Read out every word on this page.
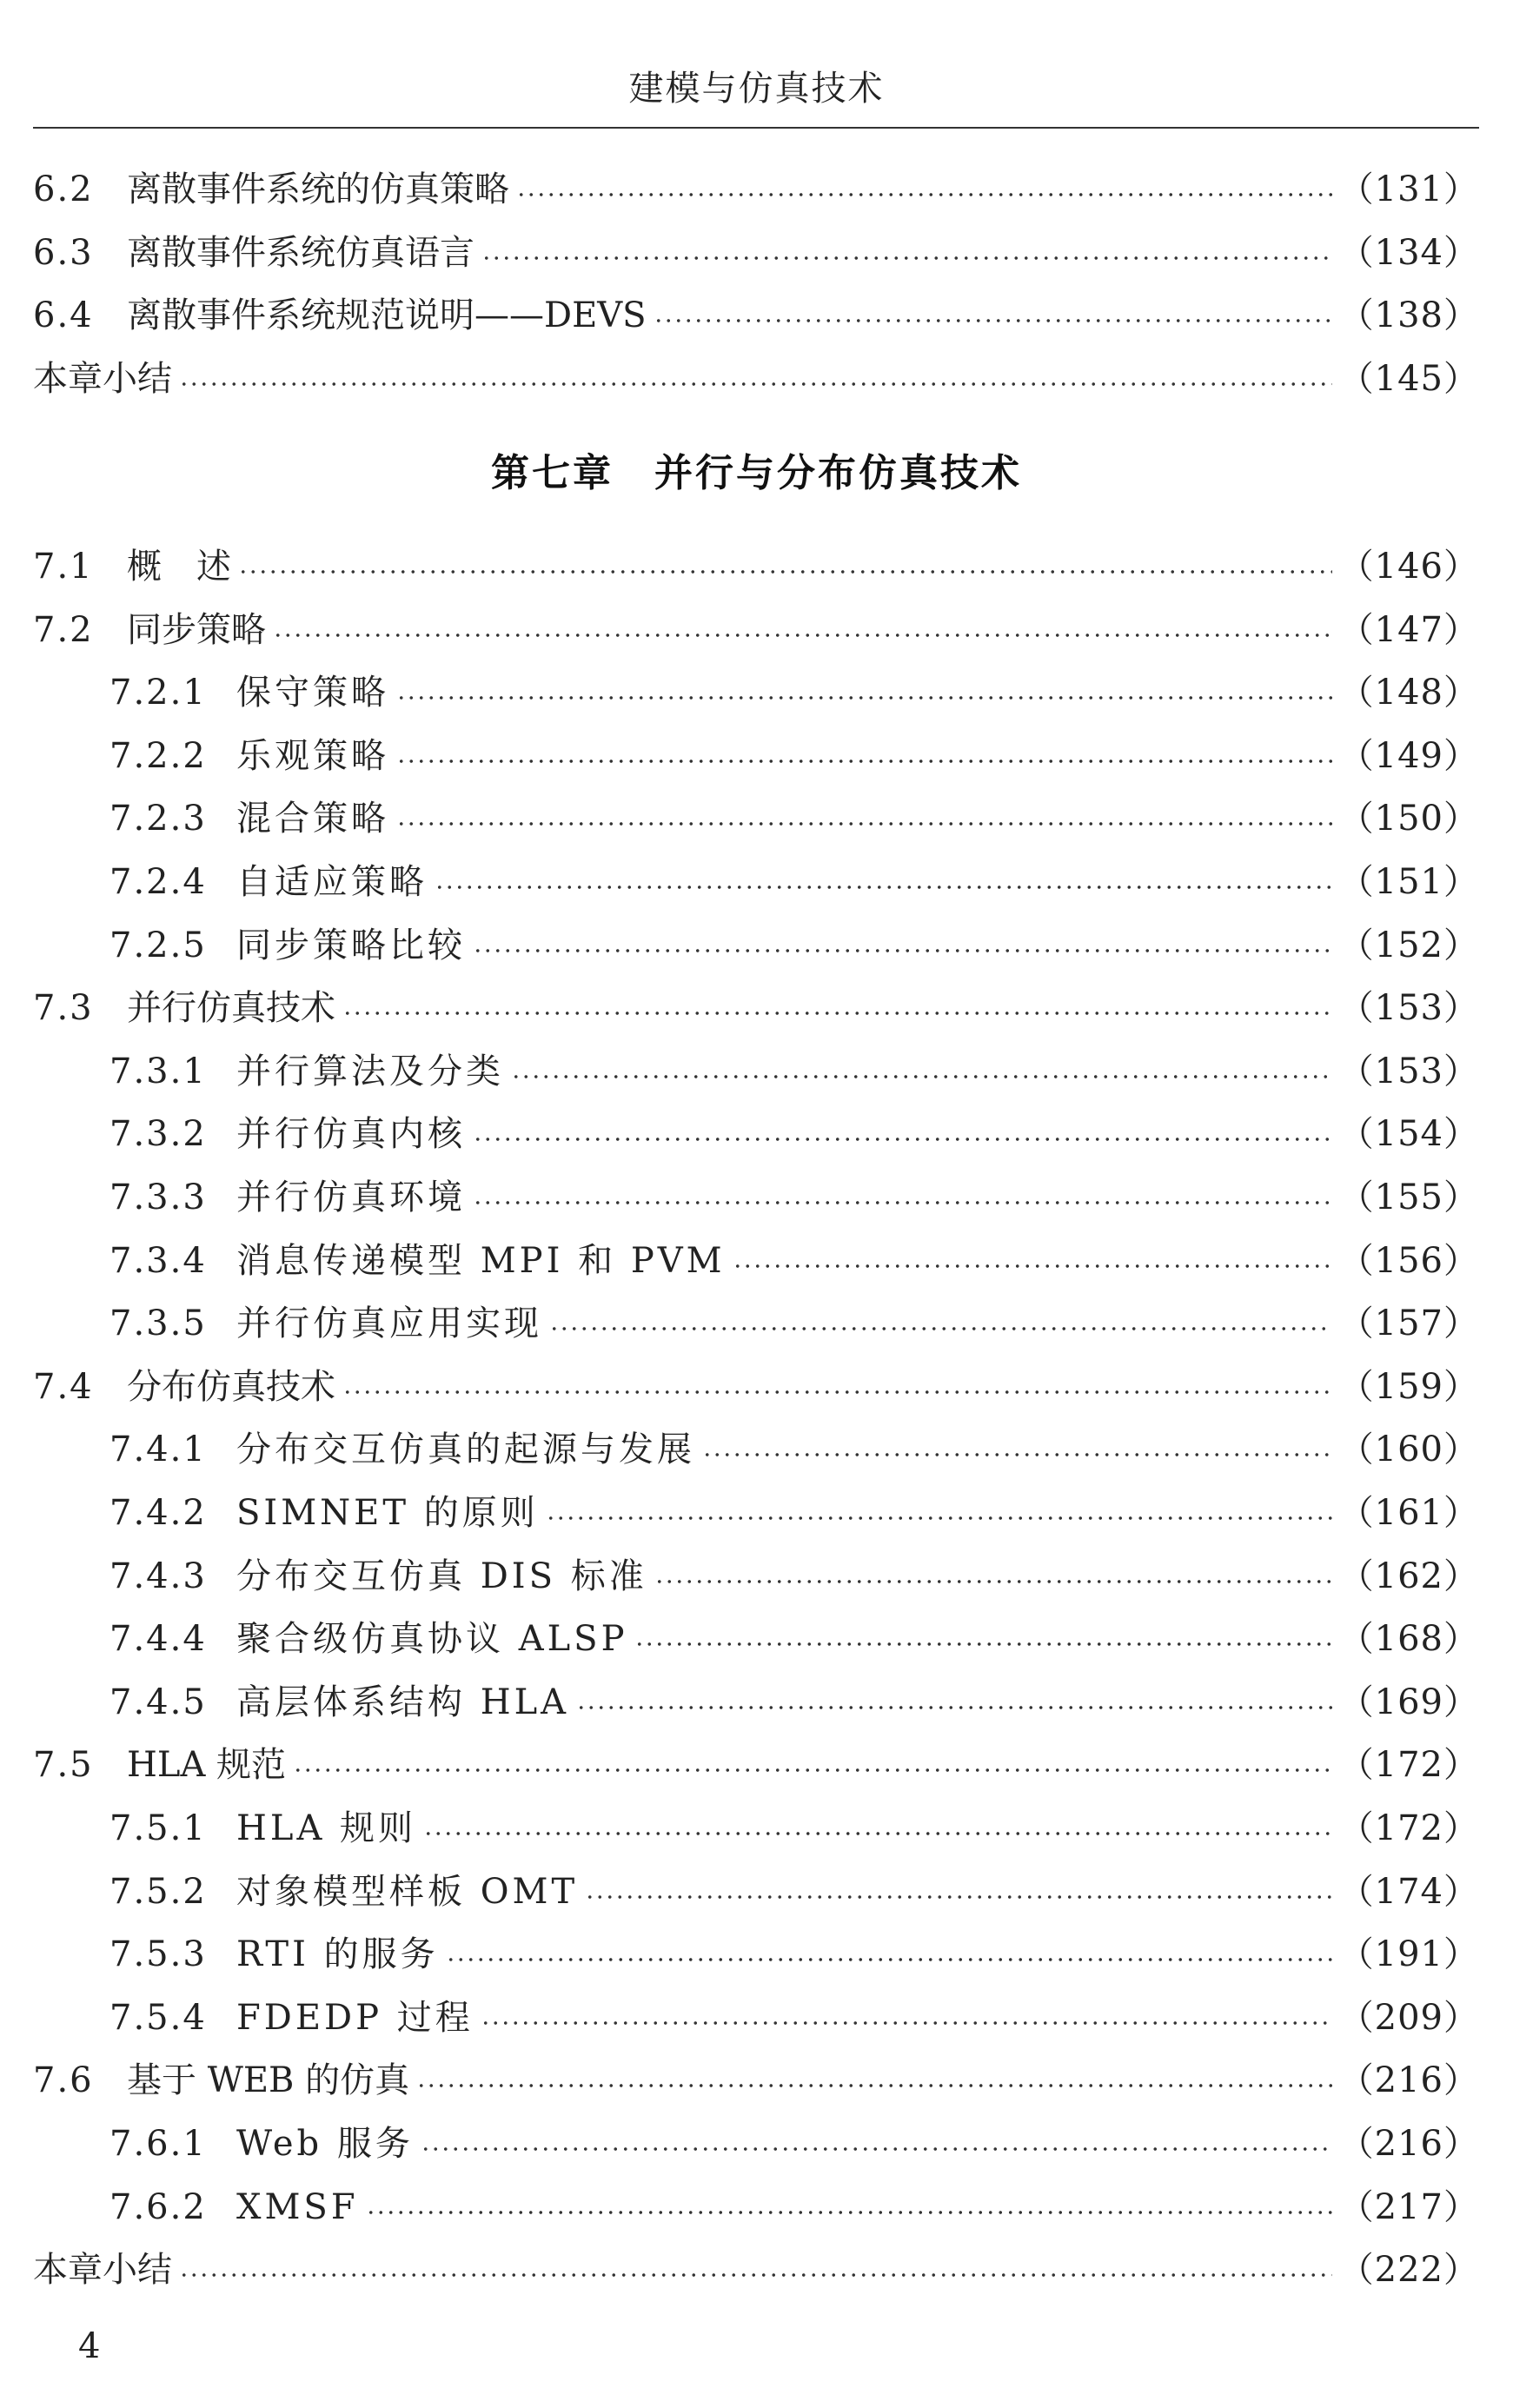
建模与仿真技术
6.2 离散事件系统的仿真策略	（131）
6.3 离散事件系统仿真语言	（134）
6.4 离散事件系统规范说明——DEVS	（138）
本章小结	（145）
第七章　并行与分布仿真技术
7.1 概　述	（146）
7.2 同步策略	（147）
7.2.1 保守策略	（148）
7.2.2 乐观策略	（149）
7.2.3 混合策略	（150）
7.2.4 自适应策略	（151）
7.2.5 同步策略比较	（152）
7.3 并行仿真技术	（153）
7.3.1 并行算法及分类	（153）
7.3.2 并行仿真内核	（154）
7.3.3 并行仿真环境	（155）
7.3.4 消息传递模型 MPI 和 PVM	（156）
7.3.5 并行仿真应用实现	（157）
7.4 分布仿真技术	（159）
7.4.1 分布交互仿真的起源与发展	（160）
7.4.2 SIMNET 的原则	（161）
7.4.3 分布交互仿真 DIS 标准	（162）
7.4.4 聚合级仿真协议 ALSP	（168）
7.4.5 高层体系结构 HLA	（169）
7.5 HLA 规范	（172）
7.5.1 HLA 规则	（172）
7.5.2 对象模型样板 OMT	（174）
7.5.3 RTI 的服务	（191）
7.5.4 FDEDP 过程	（209）
7.6 基于 WEB 的仿真	（216）
7.6.1 Web 服务	（216）
7.6.2 XMSF	（217）
本章小结	（222）
4
